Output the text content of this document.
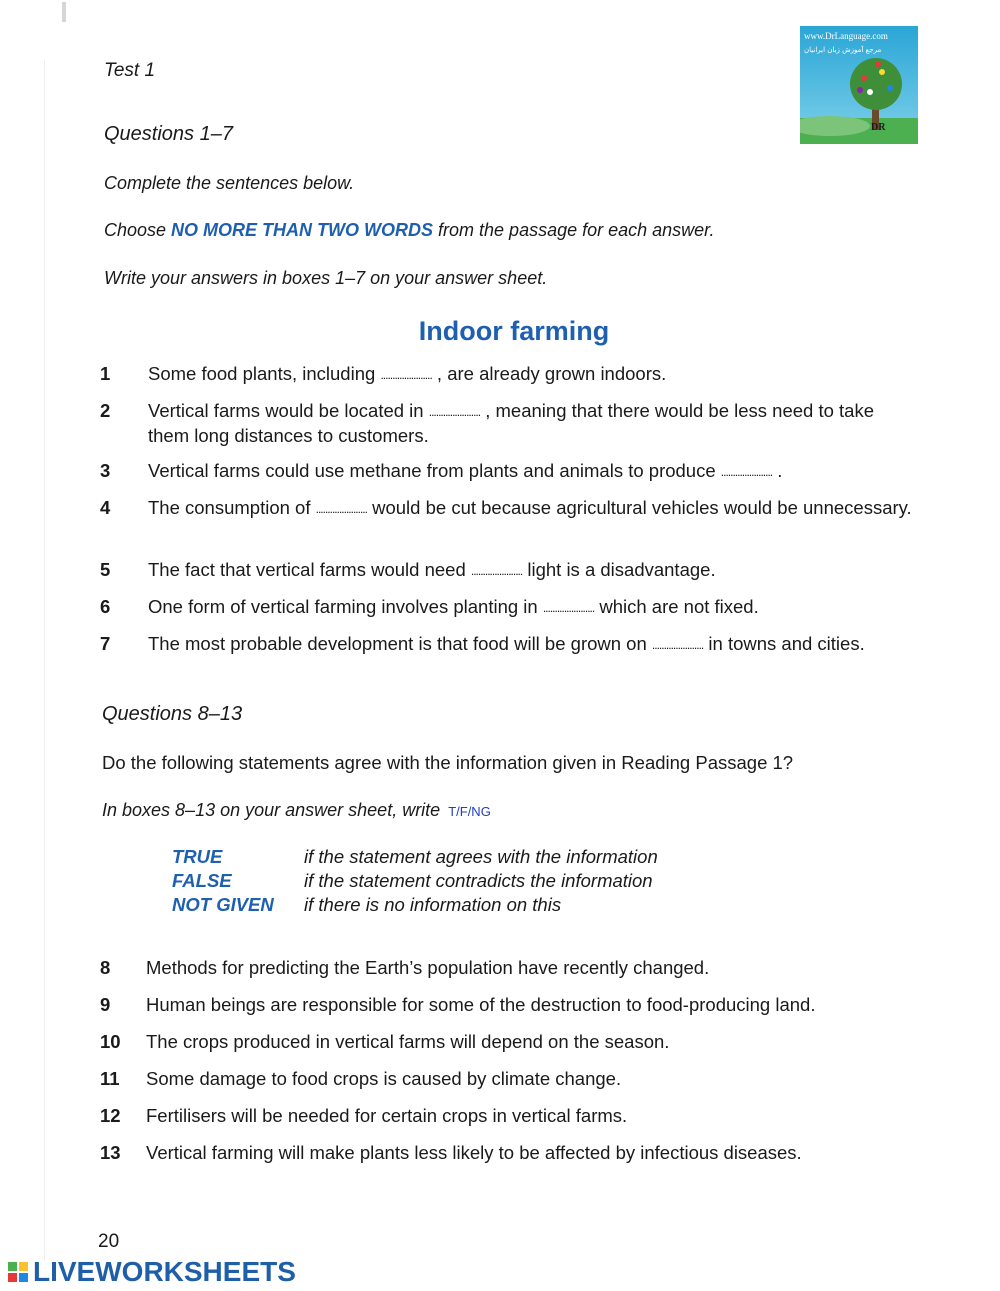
Test 1
www.DrLanguage.com
مرجع آموزش زبان ایرانیان
DR
Questions 1–7
Complete the sentences below.
Choose NO MORE THAN TWO WORDS from the passage for each answer.
Write your answers in boxes 1–7 on your answer sheet.
Indoor farming
1	Some food plants, including ...................... , are already grown indoors.
2	Vertical farms would be located in ...................... , meaning that there would be less need to take them long distances to customers.
3	Vertical farms could use methane from plants and animals to produce ...................... .
4	The consumption of ...................... would be cut because agricultural vehicles would be unnecessary.
5	The fact that vertical farms would need ...................... light is a disadvantage.
6	One form of vertical farming involves planting in ...................... which are not fixed.
7	The most probable development is that food will be grown on ...................... in towns and cities.
Questions 8–13
Do the following statements agree with the information given in Reading Passage 1?
In boxes 8–13 on your answer sheet, write T/F/NG
TRUE	if the statement agrees with the information
FALSE	if the statement contradicts the information
NOT GIVEN if there is no information on this
8	Methods for predicting the Earth’s population have recently changed.
9	Human beings are responsible for some of the destruction to food-producing land.
10	The crops produced in vertical farms will depend on the season.
11	Some damage to food crops is caused by climate change.
12	Fertilisers will be needed for certain crops in vertical farms.
13	Vertical farming will make plants less likely to be affected by infectious diseases.
20
LIVEWORKSHEETS
